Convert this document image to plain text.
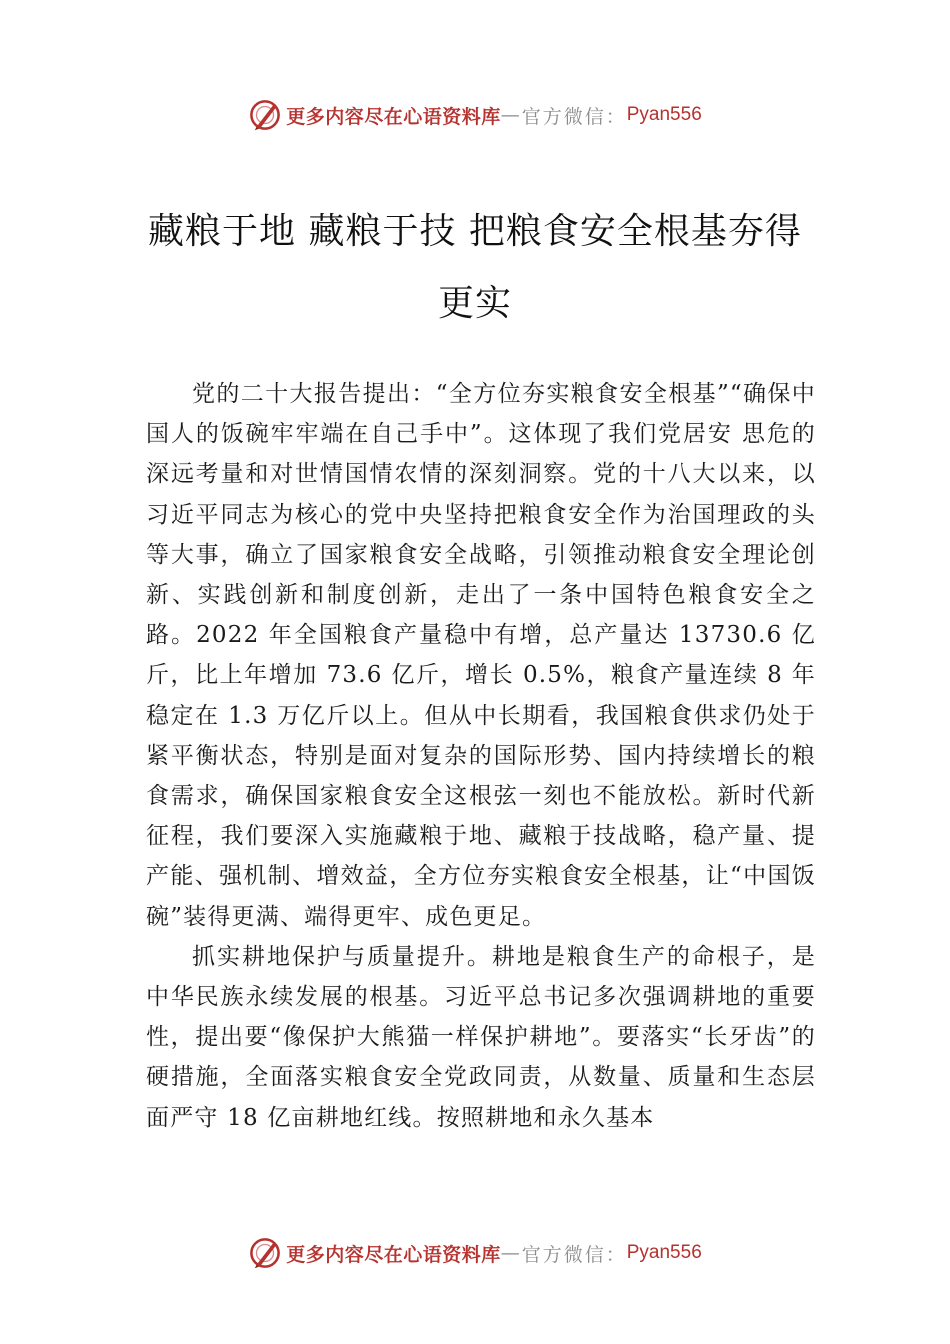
更多内容尽在心语资料库 — 官方微信： Pyan556
藏粮于地 藏粮于技 把粮食安全根基夯得更实

党的二十大报告提出：“全方位夯实粮食安全根基”“确保中国人的饭碗牢牢端在自己手中”。这体现了我们党居安 思危的深远考量和对世情国情农情的深刻洞察。党的十八大以来，以习近平同志为核心的党中央坚持把粮食安全作为治国理政的头等大事，确立了国家粮食安全战略，引领推动粮食安全理论创新、实践创新和制度创新，走出了一条中国特色粮食安全之路。2022 年全国粮食产量稳中有增，总产量达 13730.6 亿斤，比上年增加 73.6 亿斤，增长 0.5%，粮食产量连续 8 年稳定在 1.3 万亿斤以上。但从中长期看，我国粮食供求仍处于紧平衡状态，特别是面对复杂的国际形势、国内持续增长的粮食需求，确保国家粮食安全这根弦一刻也不能放松。新时代新征程，我们要深入实施藏粮于地、藏粮于技战略，稳产量、提产能、强机制、增效益，全方位夯实粮食安全根基，让“中国饭碗”装得更满、端得更牢、成色更足。

抓实耕地保护与质量提升。耕地是粮食生产的命根子，是中华民族永续发展的根基。习近平总书记多次强调耕地的重要性，提出要“像保护大熊猫一样保护耕地”。要落实“长牙齿”的硬措施，全面落实粮食安全党政同责，从数量、质量和生态层面严守 18 亿亩耕地红线。按照耕地和永久基本

更多内容尽在心语资料库 — 官方微信： Pyan556
